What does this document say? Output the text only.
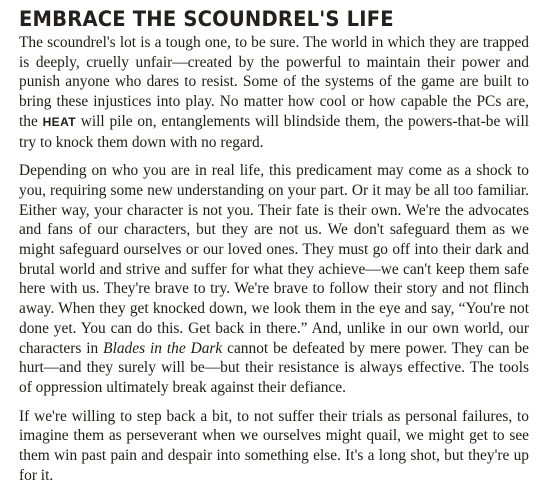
EMBRACE THE SCOUNDREL'S LIFE

The scoundrel's lot is a tough one, to be sure. The world in which they are trapped is deeply, cruelly unfair—created by the powerful to maintain their power and punish anyone who dares to resist. Some of the systems of the game are built to bring these injustices into play. No matter how cool or how capable the PCs are, the HEAT will pile on, entanglements will blindside them, the powers-that-be will try to knock them down with no regard.

Depending on who you are in real life, this predicament may come as a shock to you, requiring some new understanding on your part. Or it may be all too familiar. Either way, your character is not you. Their fate is their own. We're the advocates and fans of our characters, but they are not us. We don't safeguard them as we might safeguard ourselves or our loved ones. They must go off into their dark and brutal world and strive and suffer for what they achieve—we can't keep them safe here with us. They're brave to try. We're brave to follow their story and not flinch away. When they get knocked down, we look them in the eye and say, “You're not done yet. You can do this. Get back in there.” And, unlike in our own world, our characters in Blades in the Dark cannot be defeated by mere power. They can be hurt—and they surely will be—but their resistance is always effective. The tools of oppression ultimately break against their defiance.

If we're willing to step back a bit, to not suffer their trials as personal failures, to imagine them as perseverant when we ourselves might quail, we might get to see them win past pain and despair into something else. It's a long shot, but they're up for it.
